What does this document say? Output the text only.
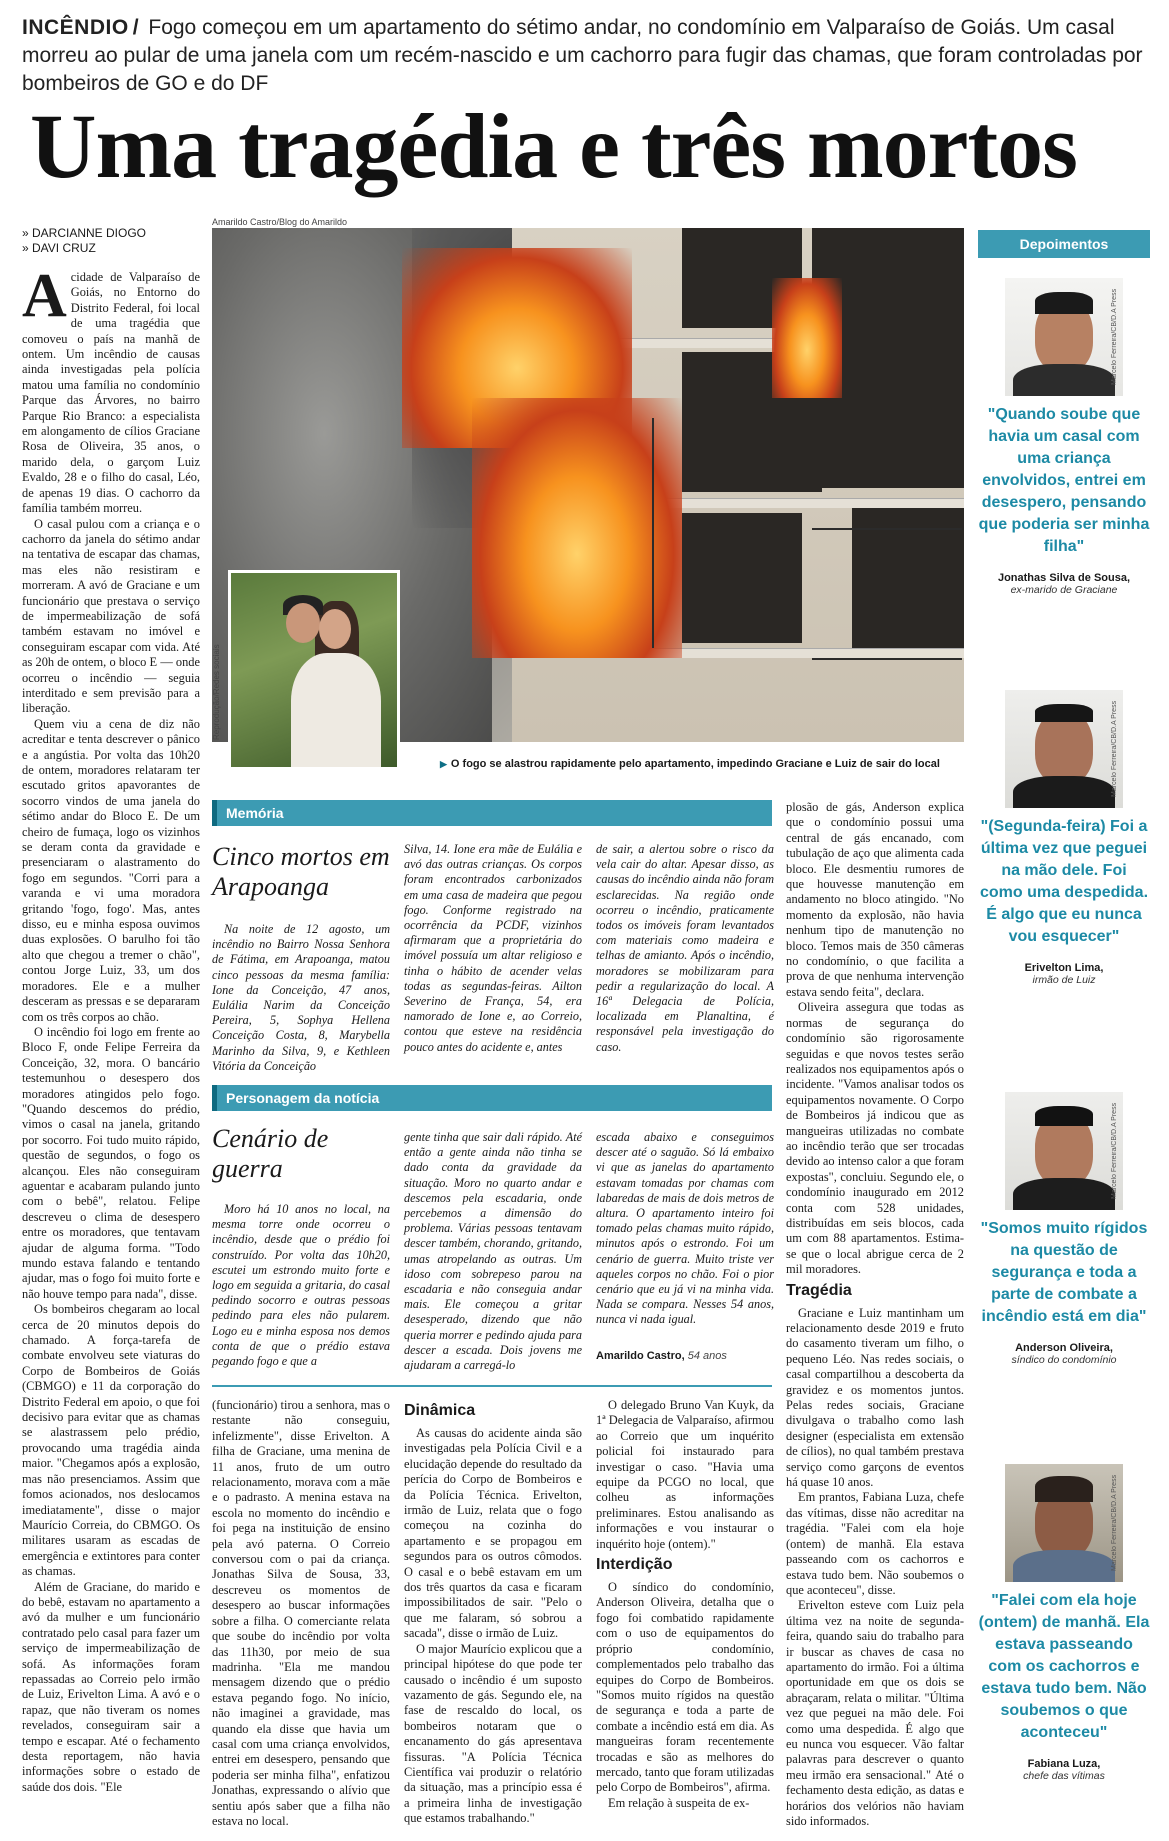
INCÊNDIO / Fogo começou em um apartamento do sétimo andar, no condomínio em Valparaíso de Goiás. Um casal morreu ao pular de uma janela com um recém-nascido e um cachorro para fugir das chamas, que foram controladas por bombeiros de GO e do DF
Uma tragédia e três mortos
» DARCIANNE DIOGO
» DAVI CRUZ
Amarildo Castro/Blog do Amarildo
Reprodução/Redes sociais
▶ O fogo se alastrou rapidamente pelo apartamento, impedindo Graciane e Luiz de sair do local

Acidade de Valparaíso de Goiás, no Entorno do Distrito Federal, foi local de uma tragédia que comoveu o país na manhã de ontem. Um incêndio de causas ainda investigadas pela polícia matou uma família no condomínio Parque das Árvores, no bairro Parque Rio Branco: a especialista em alongamento de cílios Graciane Rosa de Oliveira, 35 anos, o marido dela, o garçom Luiz Evaldo, 28 e o filho do casal, Léo, de apenas 19 dias. O cachorro da família também morreu.

O casal pulou com a criança e o cachorro da janela do sétimo andar na tentativa de escapar das chamas, mas eles não resistiram e morreram. A avó de Graciane e um funcionário que prestava o serviço de impermeabilização de sofá também estavam no imóvel e conseguiram escapar com vida. Até as 20h de ontem, o bloco E — onde ocorreu o incêndio — seguia interditado e sem previsão para a liberação.

Quem viu a cena de diz não acreditar e tenta descrever o pânico e a angústia. Por volta das 10h20 de ontem, moradores relataram ter escutado gritos apavorantes de socorro vindos de uma janela do sétimo andar do Bloco E. De um cheiro de fumaça, logo os vizinhos se deram conta da gravidade e presenciaram o alastramento do fogo em segundos. "Corri para a varanda e vi uma moradora gritando 'fogo, fogo'. Mas, antes disso, eu e minha esposa ouvimos duas explosões. O barulho foi tão alto que chegou a tremer o chão", contou Jorge Luiz, 33, um dos moradores. Ele e a mulher desceram as pressas e se depararam com os três corpos ao chão.

O incêndio foi logo em frente ao Bloco F, onde Felipe Ferreira da Conceição, 32, mora. O bancário testemunhou o desespero dos moradores atingidos pelo fogo. "Quando descemos do prédio, vimos o casal na janela, gritando por socorro. Foi tudo muito rápido, questão de segundos, o fogo os alcançou. Eles não conseguiram aguentar e acabaram pulando junto com o bebê", relatou. Felipe descreveu o clima de desespero entre os moradores, que tentavam ajudar de alguma forma. "Todo mundo estava falando e tentando ajudar, mas o fogo foi muito forte e não houve tempo para nada", disse.

Os bombeiros chegaram ao local cerca de 20 minutos depois do chamado. A força-tarefa de combate envolveu sete viaturas do Corpo de Bombeiros de Goiás (CBMGO) e 11 da corporação do Distrito Federal em apoio, o que foi decisivo para evitar que as chamas se alastrassem pelo prédio, provocando uma tragédia ainda maior. "Chegamos após a explosão, mas não presenciamos. Assim que fomos acionados, nos deslocamos imediatamente", disse o major Maurício Correia, do CBMGO. Os militares usaram as escadas de emergência e extintores para conter as chamas.

Além de Graciane, do marido e do bebê, estavam no apartamento a avó da mulher e um funcionário contratado pelo casal para fazer um serviço de impermeabilização de sofá. As informações foram repassadas ao Correio pelo irmão de Luiz, Erivelton Lima. A avó e o rapaz, que não tiveram os nomes revelados, conseguiram sair a tempo e escapar. Até o fechamento desta reportagem, não havia informações sobre o estado de saúde dos dois. "Ele

Memória
Cinco mortos em Arapoanga

Na noite de 12 agosto, um incêndio no Bairro Nossa Senhora de Fátima, em Arapoanga, matou cinco pessoas da mesma família: Ione da Conceição, 47 anos, Eulália Narim da Conceição Pereira, 5, Sophya Hellena Conceição Costa, 8, Marybella Marinho da Silva, 9, e Kethleen Vitória da Conceição

Silva, 14. Ione era mãe de Eulália e avó das outras crianças. Os corpos foram encontrados carbonizados em uma casa de madeira que pegou fogo. Conforme registrado na ocorrência da PCDF, vizinhos afirmaram que a proprietária do imóvel possuía um altar religioso e tinha o hábito de acender velas todas as segundas-feiras. Ailton Severino de França, 54, era namorado de Ione e, ao Correio, contou que esteve na residência pouco antes do acidente e, antes

de sair, a alertou sobre o risco da vela cair do altar. Apesar disso, as causas do incêndio ainda não foram esclarecidas. Na região onde ocorreu o incêndio, praticamente todos os imóveis foram levantados com materiais como madeira e telhas de amianto. Após o incêndio, moradores se mobilizaram para pedir a regularização do local. A 16ª Delegacia de Polícia, localizada em Planaltina, é responsável pela investigação do caso.

Personagem da notícia
Cenário de guerra

Moro há 10 anos no local, na mesma torre onde ocorreu o incêndio, desde que o prédio foi construído. Por volta das 10h20, escutei um estrondo muito forte e logo em seguida a gritaria, do casal pedindo socorro e outras pessoas pedindo para eles não pularem. Logo eu e minha esposa nos demos conta de que o prédio estava pegando fogo e que a

gente tinha que sair dali rápido. Até então a gente ainda não tinha se dado conta da gravidade da situação. Moro no quarto andar e descemos pela escadaria, onde percebemos a dimensão do problema. Várias pessoas tentavam descer também, chorando, gritando, umas atropelando as outras. Um idoso com sobrepeso parou na escadaria e não conseguia andar mais. Ele começou a gritar desesperado, dizendo que não queria morrer e pedindo ajuda para descer a escada. Dois jovens me ajudaram a carregá-lo

escada abaixo e conseguimos descer até o saguão. Só lá embaixo vi que as janelas do apartamento estavam tomadas por chamas com labaredas de mais de dois metros de altura. O apartamento inteiro foi tomado pelas chamas muito rápido, minutos após o estrondo. Foi um cenário de guerra. Muito triste ver aqueles corpos no chão. Foi o pior cenário que eu já vi na minha vida. Nada se compara. Nesses 54 anos, nunca vi nada igual.

Amarildo Castro, 54 anos

(funcionário) tirou a senhora, mas o restante não conseguiu, infelizmente", disse Erivelton. A filha de Graciane, uma menina de 11 anos, fruto de um outro relacionamento, morava com a mãe e o padrasto. A menina estava na escola no momento do incêndio e foi pega na instituição de ensino pela avó paterna. O Correio conversou com o pai da criança. Jonathas Silva de Sousa, 33, descreveu os momentos de desespero ao buscar informações sobre a filha. O comerciante relata que soube do incêndio por volta das 11h30, por meio de sua madrinha. "Ela me mandou mensagem dizendo que o prédio estava pegando fogo. No início, não imaginei a gravidade, mas quando ela disse que havia um casal com uma criança envolvidos, entrei em desespero, pensando que poderia ser minha filha", enfatizou Jonathas, expressando o alívio que sentiu após saber que a filha não estava no local.

Dinâmica

As causas do acidente ainda são investigadas pela Polícia Civil e a elucidação depende do resultado da perícia do Corpo de Bombeiros e da Polícia Técnica. Erivelton, irmão de Luiz, relata que o fogo começou na cozinha do apartamento e se propagou em segundos para os outros cômodos. O casal e o bebê estavam em um dos três quartos da casa e ficaram impossibilitados de sair. "Pelo o que me falaram, só sobrou a sacada", disse o irmão de Luiz.

O major Maurício explicou que a principal hipótese do que pode ter causado o incêndio é um suposto vazamento de gás. Segundo ele, na fase de rescaldo do local, os bombeiros notaram que o encanamento do gás apresentava fissuras. "A Polícia Técnica Científica vai produzir o relatório da situação, mas a princípio essa é a primeira linha de investigação que estamos trabalhando."

O delegado Bruno Van Kuyk, da 1ª Delegacia de Valparaíso, afirmou ao Correio que um inquérito policial foi instaurado para investigar o caso. "Havia uma equipe da PCGO no local, que colheu as informações preliminares. Estou analisando as informações e vou instaurar o inquérito hoje (ontem)."

Interdição

O síndico do condomínio, Anderson Oliveira, detalha que o fogo foi combatido rapidamente com o uso de equipamentos do próprio condomínio, complementados pelo trabalho das equipes do Corpo de Bombeiros. "Somos muito rígidos na questão de segurança e toda a parte de combate a incêndio está em dia. As mangueiras foram recentemente trocadas e são as melhores do mercado, tanto que foram utilizadas pelo Corpo de Bombeiros", afirma.

Em relação à suspeita de ex-

plosão de gás, Anderson explica que o condomínio possui uma central de gás encanado, com tubulação de aço que alimenta cada bloco. Ele desmentiu rumores de que houvesse manutenção em andamento no bloco atingido. "No momento da explosão, não havia nenhum tipo de manutenção no bloco. Temos mais de 350 câmeras no condomínio, o que facilita a prova de que nenhuma intervenção estava sendo feita", declara.

Oliveira assegura que todas as normas de segurança do condomínio são rigorosamente seguidas e que novos testes serão realizados nos equipamentos após o incidente. "Vamos analisar todos os equipamentos novamente. O Corpo de Bombeiros já indicou que as mangueiras utilizadas no combate ao incêndio terão que ser trocadas devido ao intenso calor a que foram expostas", concluiu. Segundo ele, o condomínio inaugurado em 2012 conta com 528 unidades, distribuídas em seis blocos, cada um com 88 apartamentos. Estima-se que o local abrigue cerca de 2 mil moradores.

Tragédia

Graciane e Luiz mantinham um relacionamento desde 2019 e fruto do casamento tiveram um filho, o pequeno Léo. Nas redes sociais, o casal compartilhou a descoberta da gravidez e os momentos juntos. Pelas redes sociais, Graciane divulgava o trabalho como lash designer (especialista em extensão de cílios), no qual também prestava serviço como garçons de eventos há quase 10 anos.

Em prantos, Fabiana Luza, chefe das vítimas, disse não acreditar na tragédia. "Falei com ela hoje (ontem) de manhã. Ela estava passeando com os cachorros e estava tudo bem. Não soubemos o que aconteceu", disse.

Erivelton esteve com Luiz pela última vez na noite de segunda-feira, quando saiu do trabalho para ir buscar as chaves de casa no apartamento do irmão. Foi a última oportunidade em que os dois se abraçaram, relata o militar. "Última vez que peguei na mão dele. Foi como uma despedida. É algo que eu nunca vou esquecer. Vão faltar palavras para descrever o quanto meu irmão era sensacional." Até o fechamento desta edição, as datas e horários dos velórios não haviam sido informados.

Depoimentos
Marcelo Ferreira/CB/D.A Press
"Quando soube que havia um casal com uma criança envolvidos, entrei em desespero, pensando que poderia ser minha filha"
Jonathas Silva de Sousa,
ex-marido de Graciane
Marcelo Ferreira/CB/D.A Press
"(Segunda-feira) Foi a última vez que peguei na mão dele. Foi como uma despedida. É algo que eu nunca vou esquecer"
Erivelton Lima,
irmão de Luiz
Marcelo Ferreira/CB/D.A Press
"Somos muito rígidos na questão de segurança e toda a parte de combate a incêndio está em dia"
Anderson Oliveira,
síndico do condomínio
Marcelo Ferreira/CB/D.A Press
"Falei com ela hoje (ontem) de manhã. Ela estava passeando com os cachorros e estava tudo bem. Não soubemos o que aconteceu"
Fabiana Luza,
chefe das vítimas
